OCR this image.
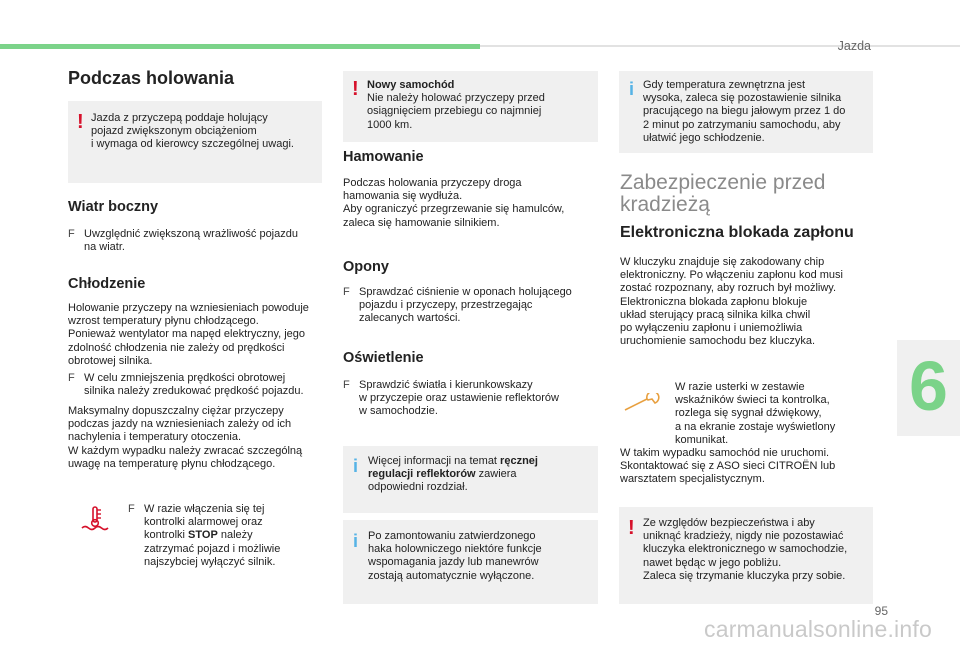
Jazda
6
95
carmanualsonline.info
Podczas holowania
! Jazda z przyczepą poddaje holujący
pojazd zwiększonym obciążeniom
i wymaga od kierowcy szczególnej uwagi.
Wiatr boczny
F Uwzględnić zwiększoną wrażliwość pojazdu
na wiatr.
Chłodzenie
Holowanie przyczepy na wzniesieniach powoduje
wzrost temperatury płynu chłodzącego.
Ponieważ wentylator ma napęd elektryczny, jego
zdolność chłodzenia nie zależy od prędkości
obrotowej silnika.
F W celu zmniejszenia prędkości obrotowej
silnika należy zredukować prędkość pojazdu.
Maksymalny dopuszczalny ciężar przyczepy
podczas jazdy na wzniesieniach zależy od ich
nachylenia i temperatury otoczenia.
W każdym wypadku należy zwracać szczególną
uwagę na temperaturę płynu chłodzącego.
F W razie włączenia się tej
kontrolki alarmowej oraz
kontrolki STOP należy
zatrzymać pojazd i możliwie
najszybciej wyłączyć silnik.
! Nowy samochód
Nie należy holować przyczepy przed
osiągnięciem przebiegu co najmniej
1000 km.
Hamowanie
Podczas holowania przyczepy droga
hamowania się wydłuża.
Aby ograniczyć przegrzewanie się hamulców,
zaleca się hamowanie silnikiem.
Opony
F Sprawdzać ciśnienie w oponach holującego
pojazdu i przyczepy, przestrzegając
zalecanych wartości.
Oświetlenie
F Sprawdzić światła i kierunkowskazy
w przyczepie oraz ustawienie reflektorów
w samochodzie.
i Więcej informacji na temat ręcznej
regulacji reflektorów zawiera
odpowiedni rozdział.
i Po zamontowaniu zatwierdzonego
haka holowniczego niektóre funkcje
wspomagania jazdy lub manewrów
zostają automatycznie wyłączone.
i Gdy temperatura zewnętrzna jest
wysoka, zaleca się pozostawienie silnika
pracującego na biegu jałowym przez 1 do
2 minut po zatrzymaniu samochodu, aby
ułatwić jego schłodzenie.
Zabezpieczenie przed
kradzieżą
Elektroniczna blokada zapłonu
W kluczyku znajduje się zakodowany chip
elektroniczny. Po włączeniu zapłonu kod musi
zostać rozpoznany, aby rozruch był możliwy.
Elektroniczna blokada zapłonu blokuje
układ sterujący pracą silnika kilka chwil
po wyłączeniu zapłonu i uniemożliwia
uruchomienie samochodu bez kluczyka.
W razie usterki w zestawie
wskaźników świeci ta kontrolka,
rozlega się sygnał dźwiękowy,
a na ekranie zostaje wyświetlony
komunikat.
W takim wypadku samochód nie uruchomi.
Skontaktować się z ASO sieci CITROËN lub
warsztatem specjalistycznym.
! Ze względów bezpieczeństwa i aby
uniknąć kradzieży, nigdy nie pozostawiać
kluczyka elektronicznego w samochodzie,
nawet będąc w jego pobliżu.
Zaleca się trzymanie kluczyka przy sobie.
